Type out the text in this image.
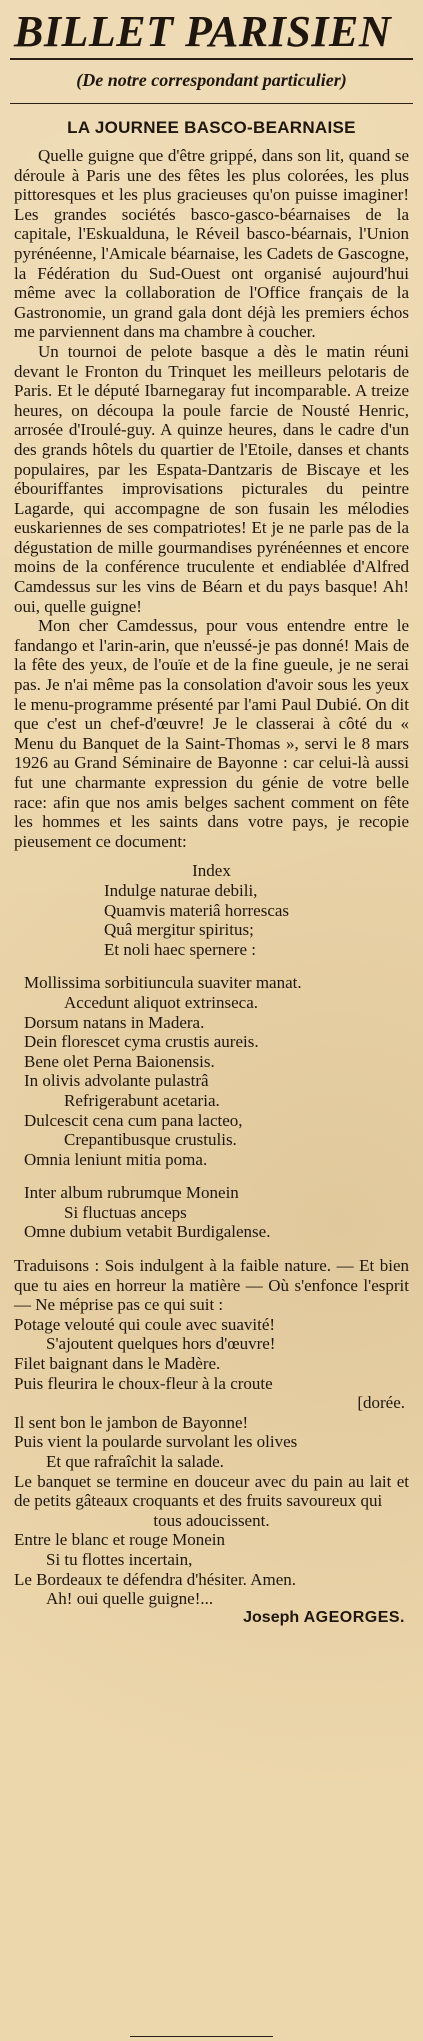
BILLET PARISIEN
(De notre correspondant particulier)
LA JOURNEE BASCO-BEARNAISE

Quelle guigne que d'être grippé, dans son lit, quand se déroule à Paris une des fêtes les plus colorées, les plus pittoresques et les plus gracieuses qu'on puisse imaginer! Les grandes sociétés basco-gasco-béarnaises de la capitale, l'Eskualduna, le Réveil basco-béarnais, l'Union pyrénéenne, l'Amicale béarnaise, les Cadets de Gascogne, la Fédération du Sud-Ouest ont organisé aujourd'hui même avec la collaboration de l'Office français de la Gastronomie, un grand gala dont déjà les premiers échos me parviennent dans ma chambre à coucher.

Un tournoi de pelote basque a dès le matin réuni devant le Fronton du Trinquet les meilleurs pelotaris de Paris. Et le député Ibarnegaray fut incomparable. A treize heures, on découpa la poule farcie de Nousté Henric, arrosée d'Iroulé-guy. A quinze heures, dans le cadre d'un des grands hôtels du quartier de l'Etoile, danses et chants populaires, par les Espata-Dantzaris de Biscaye et les ébouriffantes improvisations picturales du peintre Lagarde, qui accompagne de son fusain les mélodies euskariennes de ses compatriotes! Et je ne parle pas de la dégustation de mille gourmandises pyrénéennes et encore moins de la conférence truculente et endiablée d'Alfred Camdessus sur les vins de Béarn et du pays basque! Ah! oui, quelle guigne!

Mon cher Camdessus, pour vous entendre entre le fandango et l'arin-arin, que n'eussé-je pas donné! Mais de la fête des yeux, de l'ouïe et de la fine gueule, je ne serai pas. Je n'ai même pas la consolation d'avoir sous les yeux le menu-programme présenté par l'ami Paul Dubié. On dit que c'est un chef-d'œuvre! Je le classerai à côté du « Menu du Banquet de la Saint-Thomas », servi le 8 mars 1926 au Grand Séminaire de Bayonne : car celui-là aussi fut une charmante expression du génie de votre belle race: afin que nos amis belges sachent comment on fête les hommes et les saints dans votre pays, je recopie pieusement ce document:

Index
Indulge naturae debili,
Quamvis materiâ horrescas
Quâ mergitur spiritus;
Et noli haec spernere :
Mollissima sorbitiuncula suaviter manat.
Accedunt aliquot extrinseca.
Dorsum natans in Madera.
Dein florescet cyma crustis aureis.
Bene olet Perna Baionensis.
In olivis advolante pulastrâ
Refrigerabunt acetaria.
Dulcescit cena cum pana lacteo,
Crepantibusque crustulis.
Omnia leniunt mitia poma.
Inter album rubrumque Monein
Si fluctuas anceps
Omne dubium vetabit Burdigalense.

Traduisons : Sois indulgent à la faible nature. — Et bien que tu aies en horreur la matière — Où s'enfonce l'esprit — Ne méprise pas ce qui suit :

Potage velouté qui coule avec suavité!
S'ajoutent quelques hors d'œuvre!
Filet baignant dans le Madère.
Puis fleurira le choux-fleur à la croute
[dorée.
Il sent bon le jambon de Bayonne!
Puis vient la poularde survolant les olives
Et que rafraîchit la salade.

Le banquet se termine en douceur avec du pain au lait et de petits gâteaux croquants et des fruits savoureux qui

tous adoucissent.
Entre le blanc et rouge Monein
Si tu flottes incertain,
Le Bordeaux te défendra d'hésiter. Amen.
Ah! oui quelle guigne!...
Joseph AGEORGES.
